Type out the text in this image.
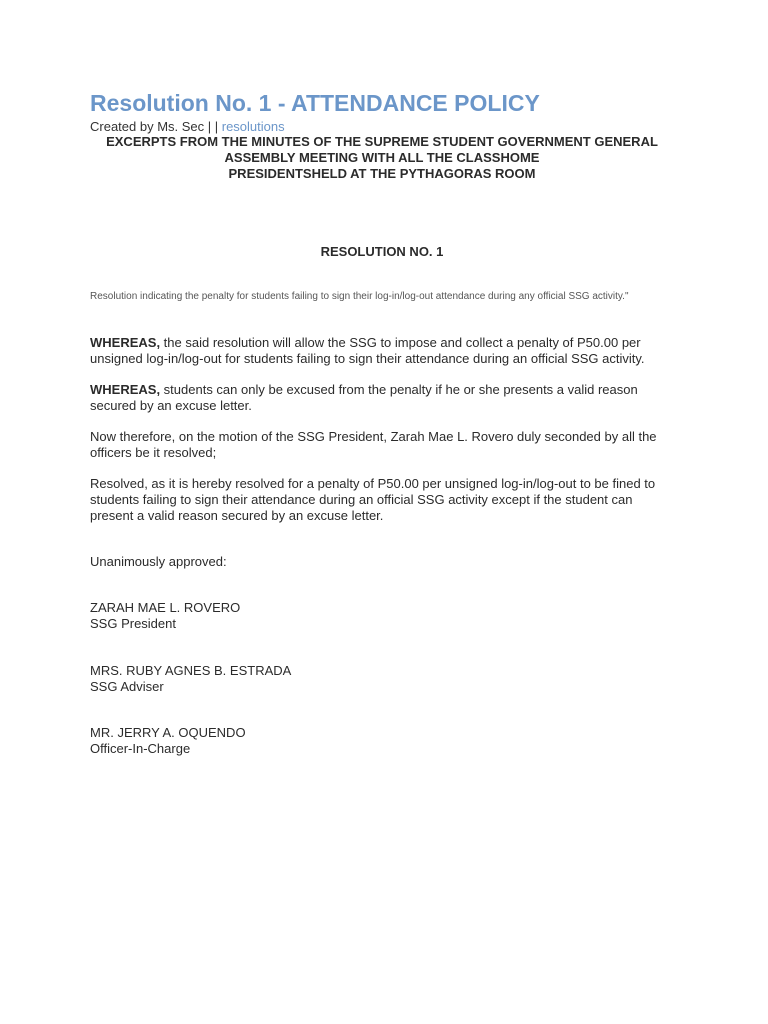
Resolution No. 1 - ATTENDANCE POLICY
Created by Ms. Sec | | resolutions
EXCERPTS FROM THE MINUTES OF THE SUPREME STUDENT GOVERNMENT GENERAL
ASSEMBLY MEETING WITH ALL THE CLASSHOME
PRESIDENTSHELD AT THE PYTHAGORAS ROOM
RESOLUTION NO. 1
Resolution indicating the penalty for students failing to sign their log-in/log-out attendance during any official SSG activity."

WHEREAS, the said resolution will allow the SSG to impose and collect a penalty of P50.00 per unsigned log-in/log-out for students failing to sign their attendance during an official SSG activity.

WHEREAS, students can only be excused from the penalty if he or she presents a valid reason secured by an excuse letter.

Now therefore, on the motion of the SSG President, Zarah Mae L. Rovero duly seconded by all the officers be it resolved;

Resolved, as it is hereby resolved for a penalty of P50.00 per unsigned log-in/log-out to be fined to students failing to sign their attendance during an official SSG activity except if the student can present a valid reason secured by an excuse letter.

Unanimously approved:
ZARAH MAE L. ROVERO
SSG President
MRS. RUBY AGNES B. ESTRADA
SSG Adviser
MR. JERRY A. OQUENDO
Officer-In-Charge
